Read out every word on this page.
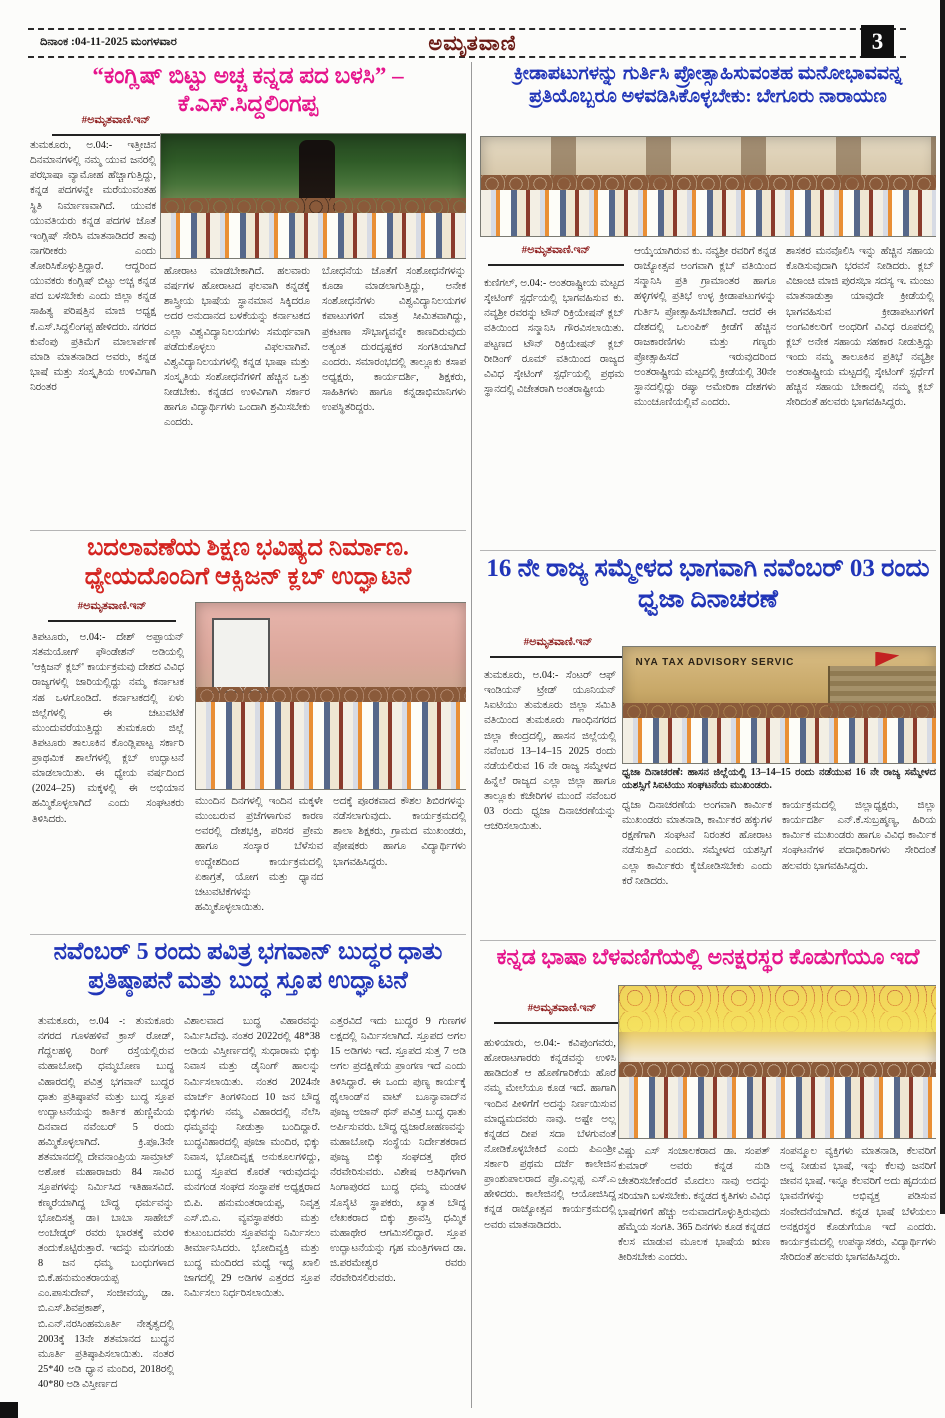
ದಿನಾಂಕ :04-11-2025 ಮಂಗಳವಾರ	ಅಮೃತವಾಣಿ	3
“ಕಂಗ್ಲಿಷ್ ಬಿಟ್ಟು ಅಚ್ಚ ಕನ್ನಡ ಪದ ಬಳಸಿ” – ಕೆ.ಎಸ್.ಸಿದ್ದಲಿಂಗಪ್ಪ
#ಅಮೃತವಾಣಿ.ಇನ್
ತುಮಕೂರು, ಅ.04:- ಇತ್ತೀಚಿನ ದಿನಮಾನಗಳಲ್ಲಿ ನಮ್ಮ ಯುವ ಜನರಲ್ಲಿ ಪರಭಾಷಾ ವ್ಯಾಮೋಹ ಹೆಚ್ಚಾಗುತ್ತಿದ್ದು, ಕನ್ನಡ ಪದಗಳನ್ನೇ ಮರೆಯುವಂತಹ ಸ್ಥಿತಿ ನಿರ್ಮಾಣವಾಗಿದೆ. ಯುವಕ ಯುವತಿಯರು ಕನ್ನಡ ಪದಗಳ ಜೊತೆ ಇಂಗ್ಲಿಷ್ ಸೇರಿಸಿ ಮಾತನಾಡಿದರೆ ತಾವು ನಾಗರೀಕರು ಎಂದು ತೋರಿಸಿಕೊಳ್ಳುತ್ತಿದ್ದಾರೆ. ಆದ್ದರಿಂದ ಯುವಕರು ಕಂಗ್ಲಿಷ್ ಬಿಟ್ಟು ಅಚ್ಚ ಕನ್ನಡ ಪದ ಬಳಸಬೇಕು ಎಂದು ಜಿಲ್ಲಾ ಕನ್ನಡ ಸಾಹಿತ್ಯ ಪರಿಷತ್ತಿನ ಮಾಜಿ ಅಧ್ಯಕ್ಷ ಕೆ.ಎಸ್.ಸಿದ್ದಲಿಂಗಪ್ಪ ಹೇಳಿದರು. ನಗರದ ಕುವೆಂಪು ಪ್ರತಿಮೆಗೆ ಮಾಲಾರ್ಪಣೆ ಮಾಡಿ ಮಾತನಾಡಿದ ಅವರು, ಕನ್ನಡ ಭಾಷೆ ಮತ್ತು ಸಂಸ್ಕೃತಿಯ ಉಳಿವಿಗಾಗಿ ನಿರಂತರ
ಹೋರಾಟ ಮಾಡಬೇಕಾಗಿದೆ. ಹಲವಾರು ವರ್ಷಗಳ ಹೋರಾಟದ ಫಲವಾಗಿ ಕನ್ನಡಕ್ಕೆ ಶಾಸ್ತ್ರೀಯ ಭಾಷೆಯ ಸ್ಥಾನಮಾನ ಸಿಕ್ಕಿದರೂ ಅದರ ಅನುದಾನದ ಬಳಕೆಯನ್ನು ಕರ್ನಾಟಕದ ಎಲ್ಲಾ ವಿಶ್ವವಿದ್ಯಾನಿಲಯಗಳು ಸಮರ್ಥವಾಗಿ ಪಡೆದುಕೊಳ್ಳಲು ವಿಫಲವಾಗಿವೆ. ವಿಶ್ವವಿದ್ಯಾನಿಲಯಗಳಲ್ಲಿ ಕನ್ನಡ ಭಾಷಾ ಮತ್ತು ಸಂಸ್ಕೃತಿಯ ಸಂಶೋಧನೆಗಳಿಗೆ ಹೆಚ್ಚಿನ ಒತ್ತು ನೀಡಬೇಕು. ಕನ್ನಡದ ಉಳಿವಿಗಾಗಿ ಸರ್ಕಾರ ಹಾಗೂ ವಿದ್ಯಾರ್ಥಿಗಳು ಒಂದಾಗಿ ಶ್ರಮಿಸಬೇಕು ಎಂದರು.
ಬೋಧನೆಯ ಜೊತೆಗೆ ಸಂಶೋಧನೆಗಳನ್ನು ಕೂಡಾ ಮಾಡಲಾಗುತ್ತಿದ್ದು, ಅನೇಕ ಸಂಶೋಧನೆಗಳು ವಿಶ್ವವಿದ್ಯಾನಿಲಯಗಳ ಕಪಾಟುಗಳಿಗೆ ಮಾತ್ರ ಸೀಮಿತವಾಗಿದ್ದು, ಪ್ರಕಟಣಾ ಸೌಭಾಗ್ಯವನ್ನೇ ಕಾಣದಿರುವುದು ಅತ್ಯಂತ ದುರದೃಷ್ಟಕರ ಸಂಗತಿಯಾಗಿದೆ ಎಂದರು. ಸಮಾರಂಭದಲ್ಲಿ ತಾಲ್ಲೂಕು ಕಸಾಪ ಅಧ್ಯಕ್ಷರು, ಕಾರ್ಯದರ್ಶಿ, ಶಿಕ್ಷಕರು, ಸಾಹಿತಿಗಳು ಹಾಗೂ ಕನ್ನಡಾಭಿಮಾನಿಗಳು ಉಪಸ್ಥಿತರಿದ್ದರು.
ಕ್ರೀಡಾಪಟುಗಳನ್ನು ಗುರ್ತಿಸಿ ಪ್ರೋತ್ಸಾಹಿಸುವಂತಹ ಮನೋಭಾವವನ್ನ ಪ್ರತಿಯೊಬ್ಬರೂ ಅಳವಡಿಸಿಕೊಳ್ಳಬೇಕು: ಬೇಗೂರು ನಾರಾಯಣ
#ಅಮೃತವಾಣಿ.ಇನ್
ಕುಣಿಗಲ್, ಅ.04:- ಅಂತರಾಷ್ಟ್ರೀಯ ಮಟ್ಟದ ಸ್ಕೇಟಿಂಗ್ ಸ್ಪರ್ಧೆಯಲ್ಲಿ ಭಾಗವಹಿಸುವ ಕು. ನವ್ಯಶ್ರೀ ರವರನ್ನು ಟೌನ್ ರಿಕ್ರಿಯೇಷನ್ ಕ್ಲಬ್ ವತಿಯಿಂದ ಸನ್ಮಾನಿಸಿ ಗೌರವಿಸಲಾಯಿತು. ಪಟ್ಟಣದ ಟೌನ್ ರಿಕ್ರಿಯೇಷನ್ ಕ್ಲಬ್ ರೀಡಿಂಗ್ ರೂಮ್ ವತಿಯಿಂದ ರಾಜ್ಯದ ವಿವಿಧ ಸ್ಕೇಟಿಂಗ್ ಸ್ಪರ್ಧೆಯಲ್ಲಿ ಪ್ರಥಮ ಸ್ಥಾನದಲ್ಲಿ ವಿಜೇತರಾಗಿ ಅಂತರಾಷ್ಟ್ರೀಯ
ಆಯ್ಕೆಯಾಗಿರುವ ಕು. ನವ್ಯಶ್ರೀ ರವರಿಗೆ ಕನ್ನಡ ರಾಜ್ಯೋತ್ಸವ ಅಂಗವಾಗಿ ಕ್ಲಬ್ ವತಿಯಿಂದ ಸನ್ಮಾನಿಸಿ ಪ್ರತಿ ಗ್ರಾಮಾಂತರ ಹಾಗೂ ಹಳ್ಳಿಗಳಲ್ಲಿ ಪ್ರತಿಭೆ ಉಳ್ಳ ಕ್ರೀಡಾಪಟುಗಳನ್ನು ಗುರ್ತಿಸಿ ಪ್ರೋತ್ಸಾಹಿಸಬೇಕಾಗಿದೆ. ಆದರೆ ಈ ದೇಶದಲ್ಲಿ ಒಲಂಪಿಕ್ ಕ್ರೀಡೆಗೆ ಹೆಚ್ಚಿನ ರಾಜಕಾರಣಿಗಳು ಮತ್ತು ಗಣ್ಯರು ಪ್ರೋತ್ಸಾಹಿಸದೆ ಇರುವುದರಿಂದ ಅಂತರಾಷ್ಟ್ರೀಯ ಮಟ್ಟದಲ್ಲಿ ಕ್ರೀಡೆಯಲ್ಲಿ 30ನೇ ಸ್ಥಾನದಲ್ಲಿದ್ದು ರಷ್ಯಾ ಅಮೇರಿಕಾ ದೇಶಗಳು ಮುಂಚೂಣಿಯಲ್ಲಿವೆ ಎಂದರು.
ಶಾಸಕರ ಮನವೊಲಿಸಿ ಇನ್ನು ಹೆಚ್ಚಿನ ಸಹಾಯ ಕೊಡಿಸುವುದಾಗಿ ಭರವಸೆ ನೀಡಿದರು. ಕ್ಲಬ್ ವಿಜಾಂಚಿ ಮಾಜಿ ಪುರಸಭಾ ಸದಸ್ಯ ಇ. ಮಂಜು ಮಾತನಾಡುತ್ತಾ ಯಾವುದೇ ಕ್ರೀಡೆಯಲ್ಲಿ ಭಾಗವಹಿಸುವ ಕ್ರೀಡಾಪಟುಗಳಿಗೆ ಅಂಗವಿಕಲರಿಗೆ ಅಂಧರಿಗೆ ವಿವಿಧ ರೂಪದಲ್ಲಿ ಕ್ಲಬ್ ಅನೇಕ ಸಹಾಯ ಸಹಕಾರ ನೀಡುತ್ತಿದ್ದು ಇಂದು ನಮ್ಮ ತಾಲೂಕಿನ ಪ್ರತಿಭೆ ನವ್ಯಶ್ರೀ ಅಂತರಾಷ್ಟ್ರೀಯ ಮಟ್ಟದಲ್ಲಿ ಸ್ಕೇಟಿಂಗ್ ಸ್ಪರ್ಧೆಗೆ ಹೆಚ್ಚಿನ ಸಹಾಯ ಬೇಕಾದಲ್ಲಿ ನಮ್ಮ ಕ್ಲಬ್ ಸೇರಿದಂತೆ ಹಲವರು ಭಾಗವಹಿಸಿದ್ದರು.
ಬದಲಾವಣೆಯ ಶಿಕ್ಷಣ ಭವಿಷ್ಯದ ನಿರ್ಮಾಣ. ಧ್ಯೇಯದೊಂದಿಗೆ ಆಕ್ಸಿಜನ್ ಕ್ಲಬ್ ಉದ್ಘಾಟನೆ
#ಅಮೃತವಾಣಿ.ಇನ್
ತಿಪಟೂರು, ಅ.04:- ದೇಶ್ ಅಪ್ಪಾಯನ್ ಸತಮಯೋಗ್ ಫೌಂಡೇಶನ್ ಅಡಿಯಲ್ಲಿ 'ಆಕ್ಸಿಜನ್ ಕ್ಲಬ್' ಕಾರ್ಯಕ್ರಮವು ದೇಶದ ವಿವಿಧ ರಾಜ್ಯಗಳಲ್ಲಿ ಜಾರಿಯಲ್ಲಿದ್ದು ನಮ್ಮ ಕರ್ನಾಟಕ ಸಹ ಒಳಗೊಂಡಿದೆ. ಕರ್ನಾಟಕದಲ್ಲಿ ಏಳು ಜಿಲ್ಲೆಗಳಲ್ಲಿ ಈ ಚಟುವಟಿಕೆ ಮುಂದುವರೆಯುತ್ತಿದ್ದು ತುಮಕೂರು ಜಿಲ್ಲೆ ತಿಪಟೂರು ತಾಲೂಕಿನ ಕೊಂಡ್ಲಿಪಾಟ್ಟ ಸರ್ಕಾರಿ ಪ್ರಾಥಮಿಕ ಶಾಲೆಗಳಲ್ಲಿ ಕ್ಲಬ್ ಉದ್ಘಾಟನೆ ಮಾಡಲಾಯಿತು. ಈ ಧ್ಯೇಯ ವರ್ಷದಿಂದ (2024–25) ಮಕ್ಕಳಲ್ಲಿ ಈ ಅಭಿಯಾನ ಹಮ್ಮಿಕೊಳ್ಳಲಾಗಿದೆ ಎಂದು ಸಂಘಟಕರು ತಿಳಿಸಿದರು.
ಮುಂದಿನ ದಿನಗಳಲ್ಲಿ ಇಂದಿನ ಮಕ್ಕಳೇ ಮುಂಬರುವ ಪ್ರಜೆಗಳಾಗುವ ಕಾರಣ ಅವರಲ್ಲಿ ದೇಶಭಕ್ತಿ, ಪರಿಸರ ಪ್ರೇಮ ಹಾಗೂ ಸಂಸ್ಕಾರ ಬೆಳೆಸುವ ಉದ್ದೇಶದಿಂದ ಕಾರ್ಯಕ್ರಮದಲ್ಲಿ ಏಕಾಗ್ರತೆ, ಯೋಗ ಮತ್ತು ಧ್ಯಾನದ ಚಟುವಟಿಕೆಗಳನ್ನು ಹಮ್ಮಿಕೊಳ್ಳಲಾಯಿತು.
ಅದಕ್ಕೆ ಪೂರಕವಾದ ಕೌಶಲ ಶಿಬಿರಗಳನ್ನು ನಡೆಸಲಾಗುವುದು. ಕಾರ್ಯಕ್ರಮದಲ್ಲಿ ಶಾಲಾ ಶಿಕ್ಷಕರು, ಗ್ರಾಮದ ಮುಖಂಡರು, ಪೋಷಕರು ಹಾಗೂ ವಿದ್ಯಾರ್ಥಿಗಳು ಭಾಗವಹಿಸಿದ್ದರು.
16 ನೇ ರಾಜ್ಯ ಸಮ್ಮೇಳದ ಭಾಗವಾಗಿ ನವೆಂಬರ್ 03 ರಂದು ಧ್ವಜಾ ದಿನಾಚರಣೆ
#ಅಮೃತವಾಣಿ.ಇನ್
ತುಮಕೂರು, ಅ.04:- ಸೆಂಟರ್ ಆಫ್ ಇಂಡಿಯನ್ ಟ್ರೇಡ್ ಯೂನಿಯನ್ ಸಿಐಟಿಯು ತುಮಕೂರು ಜಿಲ್ಲಾ ಸಮಿತಿ ವತಿಯಿಂದ ತುಮಕೂರು ಗಾಂಧಿನಗರದ ಜಿಲ್ಲಾ ಕೇಂದ್ರದಲ್ಲಿ, ಹಾಸನ ಜಿಲ್ಲೆಯಲ್ಲಿ ನವೆಂಬರ 13–14–15 2025 ರಂದು ನಡೆಯಲಿರುವ 16 ನೇ ರಾಜ್ಯ ಸಮ್ಮೇಳದ ಹಿನ್ನೆಲೆ ರಾಜ್ಯದ ಎಲ್ಲಾ ಜಿಲ್ಲಾ ಹಾಗೂ ತಾಲ್ಲೂಕು ಕಚೇರಿಗಳ ಮುಂದೆ ನವೆಂಬರ 03 ರಂದು ಧ್ವಜಾ ದಿನಾಚರಣೆಯನ್ನು ಆಚರಿಸಲಾಯಿತು.
NYA TAX ADVISORY SERVIC
ಧ್ವಜಾ ದಿನಾಚರಣೆ: ಹಾಸನ ಜಿಲ್ಲೆಯಲ್ಲಿ 13–14–15 ರಂದು ನಡೆಯುವ 16 ನೇ ರಾಜ್ಯ ಸಮ್ಮೇಳದ ಯಶಸ್ಸಿಗೆ ಸಿಐಟಿಯು ಸಂಘಟನೆಯ ಮುಖಂಡರು.
ಧ್ವಜಾ ದಿನಾಚರಣೆಯ ಅಂಗವಾಗಿ ಕಾರ್ಮಿಕ ಮುಖಂಡರು ಮಾತನಾಡಿ, ಕಾರ್ಮಿಕರ ಹಕ್ಕುಗಳ ರಕ್ಷಣೆಗಾಗಿ ಸಂಘಟನೆ ನಿರಂತರ ಹೋರಾಟ ನಡೆಸುತ್ತಿದೆ ಎಂದರು. ಸಮ್ಮೇಳದ ಯಶಸ್ಸಿಗೆ ಎಲ್ಲಾ ಕಾರ್ಮಿಕರು ಕೈಜೋಡಿಸಬೇಕು ಎಂದು ಕರೆ ನೀಡಿದರು.
ಕಾರ್ಯಕ್ರಮದಲ್ಲಿ ಜಿಲ್ಲಾಧ್ಯಕ್ಷರು, ಜಿಲ್ಲಾ ಕಾರ್ಯದರ್ಶಿ ಎನ್.ಕೆ.ಸುಬ್ರಹ್ಮಣ್ಯ, ಹಿರಿಯ ಕಾರ್ಮಿಕ ಮುಖಂಡರು ಹಾಗೂ ವಿವಿಧ ಕಾರ್ಮಿಕ ಸಂಘಟನೆಗಳ ಪದಾಧಿಕಾರಿಗಳು ಸೇರಿದಂತೆ ಹಲವರು ಭಾಗವಹಿಸಿದ್ದರು.
ನವೆಂಬರ್ 5 ರಂದು ಪವಿತ್ರ ಭಗವಾನ್ ಬುದ್ಧರ ಧಾತು ಪ್ರತಿಷ್ಠಾಪನೆ ಮತ್ತು ಬುದ್ಧ ಸ್ತೂಪ ಉದ್ಘಾಟನೆ
ತುಮಕೂರು, ಅ.04 -: ತುಮಕೂರು ನಗರದ ಗೂಳಹಳಿವೆ ಕ್ರಾಸ್ ರೋಡ್, ಗೆದ್ದಲಹಳ್ಳಿ ರಿಂಗ್ ರಸ್ತೆಯಲ್ಲಿರುವ ಮಹಾಬೋಧಿ ಧಮ್ಮಬೋಣ ಬುದ್ಧ ವಿಹಾರದಲ್ಲಿ ಪವಿತ್ರ ಭಗವಾನ್ ಬುದ್ಧರ ಧಾತು ಪ್ರತಿಷ್ಠಾಪನೆ ಮತ್ತು ಬುದ್ಧ ಸ್ತೂಪ ಉದ್ಘಾಟನೆಯನ್ನು ಕಾರ್ತಿಕ ಹುಣ್ಣಿಮೆಯ ದಿನವಾದ ನವೆಂಬರ್ 5 ರಂದು ಹಮ್ಮಿಕೊಳ್ಳಲಾಗಿದೆ. ಕ್ರಿ.ಪೂ.3ನೇ ಶತಮಾನದಲ್ಲಿ ದೇವನಾಂಪ್ರಿಯ ಸಾಮ್ರಾಟ್ ಅಶೋಕ ಮಹಾರಾಜರು 84 ಸಾವಿರ ಸ್ತೂಪಗಳನ್ನು ನಿರ್ಮಿಸಿದ ಇತಿಹಾಸವಿದೆ. ಕಣ್ಮರೆಯಾಗಿದ್ದ ಬೌದ್ಧ ಧರ್ಮವನ್ನು ಭೋದಿಸತ್ವ ಡಾ। ಬಾಬಾ ಸಾಹೇಬ್ ಅಂಬೇಡ್ಕರ್ ರವರು ಭಾರತಕ್ಕೆ ಮರಳಿ ತಂದುಕೊಟ್ಟಿರುತ್ತಾರೆ. ಇದನ್ನು ಮನಗಂಡು 8 ಜನ ಧಮ್ಮ ಬಂಧುಗಳಾದ ಬಿ.ಕೆ.ಹನುಮಂತರಾಯಪ್ಪ ಎಂ.ಪಾಸುದೇವ್, ಸಂಜೀವಯ್ಯ, ಡಾ. ಬಿ.ಎಸ್.ಶಿವಪ್ರಕಾಶ್, ಬಿ.ಎನ್.ನರಸಿಂಹಮೂರ್ತಿ ನೇತೃತ್ವದಲ್ಲಿ 2003ಕ್ಕೆ 13ನೇ ಶತಮಾನದ ಬುದ್ಧನ ಮೂರ್ತಿ ಪ್ರತಿಷ್ಠಾಪಿಸಲಾಯಿತು. ನಂತರ 25*40 ಅಡಿ ಧ್ಯಾನ ಮಂದಿರ, 2018ರಲ್ಲಿ 40*80 ಅಡಿ ವಿಸ್ತೀರ್ಣದ
ವಿಶಾಲವಾದ ಬುದ್ಧ ವಿಹಾರವನ್ನು ನಿರ್ಮಿಸಿದೆವು. ನಂತರ 2022ರಲ್ಲಿ 48*38 ಅಡಿಯ ವಿಸ್ತೀರ್ಣದಲ್ಲಿ ಸುಧಾರಾಮ ಭಿಕ್ಕು ನಿವಾಸ ಮತ್ತು ಡೈನಿಂಗ್ ಹಾಲನ್ನು ನಿರ್ಮಿಸಲಾಯಿತು. ನಂತರ 2024ನೇ ಮಾರ್ಚ್ ತಿಂಗಳಿನಿಂದ 10 ಜನ ಬೌದ್ಧ ಭಿಕ್ಕುಗಳು ನಮ್ಮ ವಿಹಾರದಲ್ಲಿ ನೆಲೆಸಿ ಧಮ್ಮವನ್ನು ನೀಡುತ್ತಾ ಬಂದಿದ್ದಾರೆ. ಬುದ್ಧವಿಹಾರದಲ್ಲಿ ಪೂಜಾ ಮಂದಿರ, ಭಿಕ್ಕು ನಿವಾಸ, ಭೋದಿವೃಕ್ಷ ಅನುಕೂಲಗಳಿದ್ದು, ಬುದ್ಧ ಸ್ತೂಪದ ಕೊರತೆ ಇರುವುದನ್ನು ಮನಗಂಡ ಸಂಘದ ಸಂಸ್ಥಾಪಕ ಅಧ್ಯಕ್ಷರಾದ ಬಿ.ಪಿ. ಹನುಮಂತರಾಯಪ್ಪ, ನಿವೃತ್ತ ಎಸ್.ಬಿ.ಎ. ವ್ಯವಸ್ಥಾಪಕರು ಮತ್ತು ಕುಟುಂಬದವರು ಸ್ತೂಪವನ್ನು ನಿರ್ಮಿಸಲು ತೀರ್ಮಾನಿಸಿದರು. ಭೋದಿವ್ಯಕ್ತಿ ಮತ್ತು ಬುದ್ಧ ಮಂದಿರದ ಮಧ್ಯೆ ಇದ್ದ ಖಾಲಿ ಜಾಗದಲ್ಲಿ 29 ಅಡಿಗಳ ಎತ್ತರದ ಸ್ತೂಪ ನಿರ್ಮಿಸಲು ನಿರ್ಧರಿಸಲಾಯಿತು.
ಎತ್ತರವಿದೆ ಇದು ಬುದ್ಧರ 9 ಗುಣಗಳ ಲಕ್ಷದಲ್ಲಿ ನಿರ್ಮಿಸಲಾಗಿದೆ. ಸ್ತೂಪದ ಅಗಲ 15 ಅಡಿಗಳು ಇದೆ. ಸ್ತೂಪದ ಸುತ್ತ 7 ಅಡಿ ಅಗಲ ಪ್ರದಕ್ಷಿಣೆಯ ಪ್ರಾಂಗಣ ಇದೆ ಎಂದು ತಿಳಿಸಿದ್ದಾರೆ. ಈ ಒಂದು ಪುಣ್ಯ ಕಾರ್ಯಕ್ಕೆ ಥೈಲಾಂಡ್‌ನ ವಾಟ್ ಬೂನ್ಯಾವಾದ್‌ನ ಪೂಜ್ಯ ಅಜಾನ್ ಥನ್ ಪವಿತ್ರ ಬುದ್ಧ ಧಾತು ಅರ್ಪಿಸುವರು. ಬೌದ್ಧ ಧ್ವಜಾರೋಹಣವನ್ನು ಮಹಾಬೋಧಿ ಸಂಸ್ಥೆಯ ನಿರ್ದೇಶಕರಾದ ಪೂಜ್ಯ ಬಿಕ್ಕು ಸಂಘದತ್ತ ಥೇರ ನೆರವೇರಿಸುವರು. ವಿಶೇಷ ಅತಿಥಿಗಳಾಗಿ ಸಿಂಗಾಪುರದ ಬುದ್ಧ ಧಮ್ಮ ಮಂಡಳ ಸೊಸೈಟಿ ಸ್ಥಾಪಕರು, ಖ್ಯಾತ ಬೌದ್ಧ ಲೇಖಕರಾದ ಬಿಕ್ಕು ಶ್ರಾವಸ್ತಿ ಧಮ್ಮಿಕ ಮಹಾಥೇರ ಆಗಮಿಸಲಿದ್ದಾರೆ. ಸ್ತೂಪ ಉದ್ಘಾಟನೆಯನ್ನು ಗೃಹ ಮಂತ್ರಿಗಳಾದ ಡಾ. ಜಿ.ಪರಮೇಶ್ವರ ರವರು ನೆರವೇರಿಸಲಿರುವರು.
ಕನ್ನಡ ಭಾಷಾ ಬೆಳವಣಿಗೆಯಲ್ಲಿ ಅನಕ್ಷರಸ್ಥರ ಕೊಡುಗೆಯೂ ಇದೆ
#ಅಮೃತವಾಣಿ.ಇನ್
ಹುಳಿಯಾರು, ಅ.04:- ಕವಿಪುಂಗವರು, ಹೋರಾಟಗಾರರು ಕನ್ನಡವನ್ನು ಉಳಿಸಿ ಹಾಡಿದಂತೆ ಆ ಹೊಣೆಗಾರಿಕೆಯ ಹೊರೆ ನಮ್ಮ ಮೇಲೆಯೂ ಕೂಡ ಇದೆ. ಹಾಗಾಗಿ ಇಂದಿನ ಪೀಳಿಗೆಗೆ ಅದನ್ನು ನಿರ್ಣಯಿಸುವ ಮಾಧ್ಯಮದವರು ನಾವು. ಅಷ್ಟೇ ಅಲ್ಲ ಕನ್ನಡದ ದೀಪ ಸದಾ ಬೆಳಗುವಂತೆ ನೋಡಿಕೊಳ್ಳಬೇಕಿದೆ ಎಂದು ಪಿಎಂಶ್ರೀ ಸರ್ಕಾರಿ ಪ್ರಥಮ ದರ್ಜೆ ಕಾಲೇಜಿನ ಪ್ರಾಂಶುಪಾಲರಾದ ಪ್ರೊ.ಎಲ್ಲಪ್ಪ ಎಸ್.ಎ ಹೇಳಿದರು. ಕಾಲೇಜಿನಲ್ಲಿ ಆಯೋಜಿಸಿದ್ದ ಕನ್ನಡ ರಾಜ್ಯೋತ್ಸವ ಕಾರ್ಯಕ್ರಮದಲ್ಲಿ ಅವರು ಮಾತನಾಡಿದರು.
ವಿಷ್ಣು ಎಸ್ ಸಂಚಾಲಕರಾದ ಡಾ. ಸಂಪತ್ ಕುಮಾರ್ ಅವರು ಕನ್ನಡ ನುಡಿ ಚೇತರಿಸಬೇಕೆಂದರೆ ಮೊದಲು ನಾವು ಅದನ್ನು ಸರಿಯಾಗಿ ಬಳಸಬೇಕು. ಕನ್ನಡದ ಕೃತಿಗಳು ವಿವಿಧ ಭಾಷೆಗಳಿಗೆ ಹೆಚ್ಚು ಅನುವಾದಗೊಳ್ಳುತ್ತಿರುವುದು ಹೆಮ್ಮೆಯ ಸಂಗತಿ. 365 ದಿನಗಳು ಕೂಡ ಕನ್ನಡದ ಕೆಲಸ ಮಾಡುವ ಮೂಲಕ ಭಾಷೆಯ ಋಣ ತೀರಿಸಬೇಕು ಎಂದರು.
ಸಂಪನ್ಮೂಲ ವ್ಯಕ್ತಿಗಳು ಮಾತನಾಡಿ, ಕೆಲವರಿಗೆ ಅನ್ನ ನೀಡುವ ಭಾಷೆ, ಇನ್ನು ಕೆಲವು ಜನರಿಗೆ ಜೀವನ ಭಾಷೆ. ಇನ್ನೂ ಕೆಲವರಿಗೆ ಅದು ಹೃದಯದ ಭಾವನೆಗಳನ್ನು ಅಭಿವ್ಯಕ್ತ ಪಡಿಸುವ ಸಂವೇದನೆಯಾಗಿದೆ. ಕನ್ನಡ ಭಾಷೆ ಬೆಳೆಯಲು ಅನಕ್ಷರಸ್ಥರ ಕೊಡುಗೆಯೂ ಇದೆ ಎಂದರು. ಕಾರ್ಯಕ್ರಮದಲ್ಲಿ ಉಪನ್ಯಾಸಕರು, ವಿದ್ಯಾರ್ಥಿಗಳು ಸೇರಿದಂತೆ ಹಲವರು ಭಾಗವಹಿಸಿದ್ದರು.
